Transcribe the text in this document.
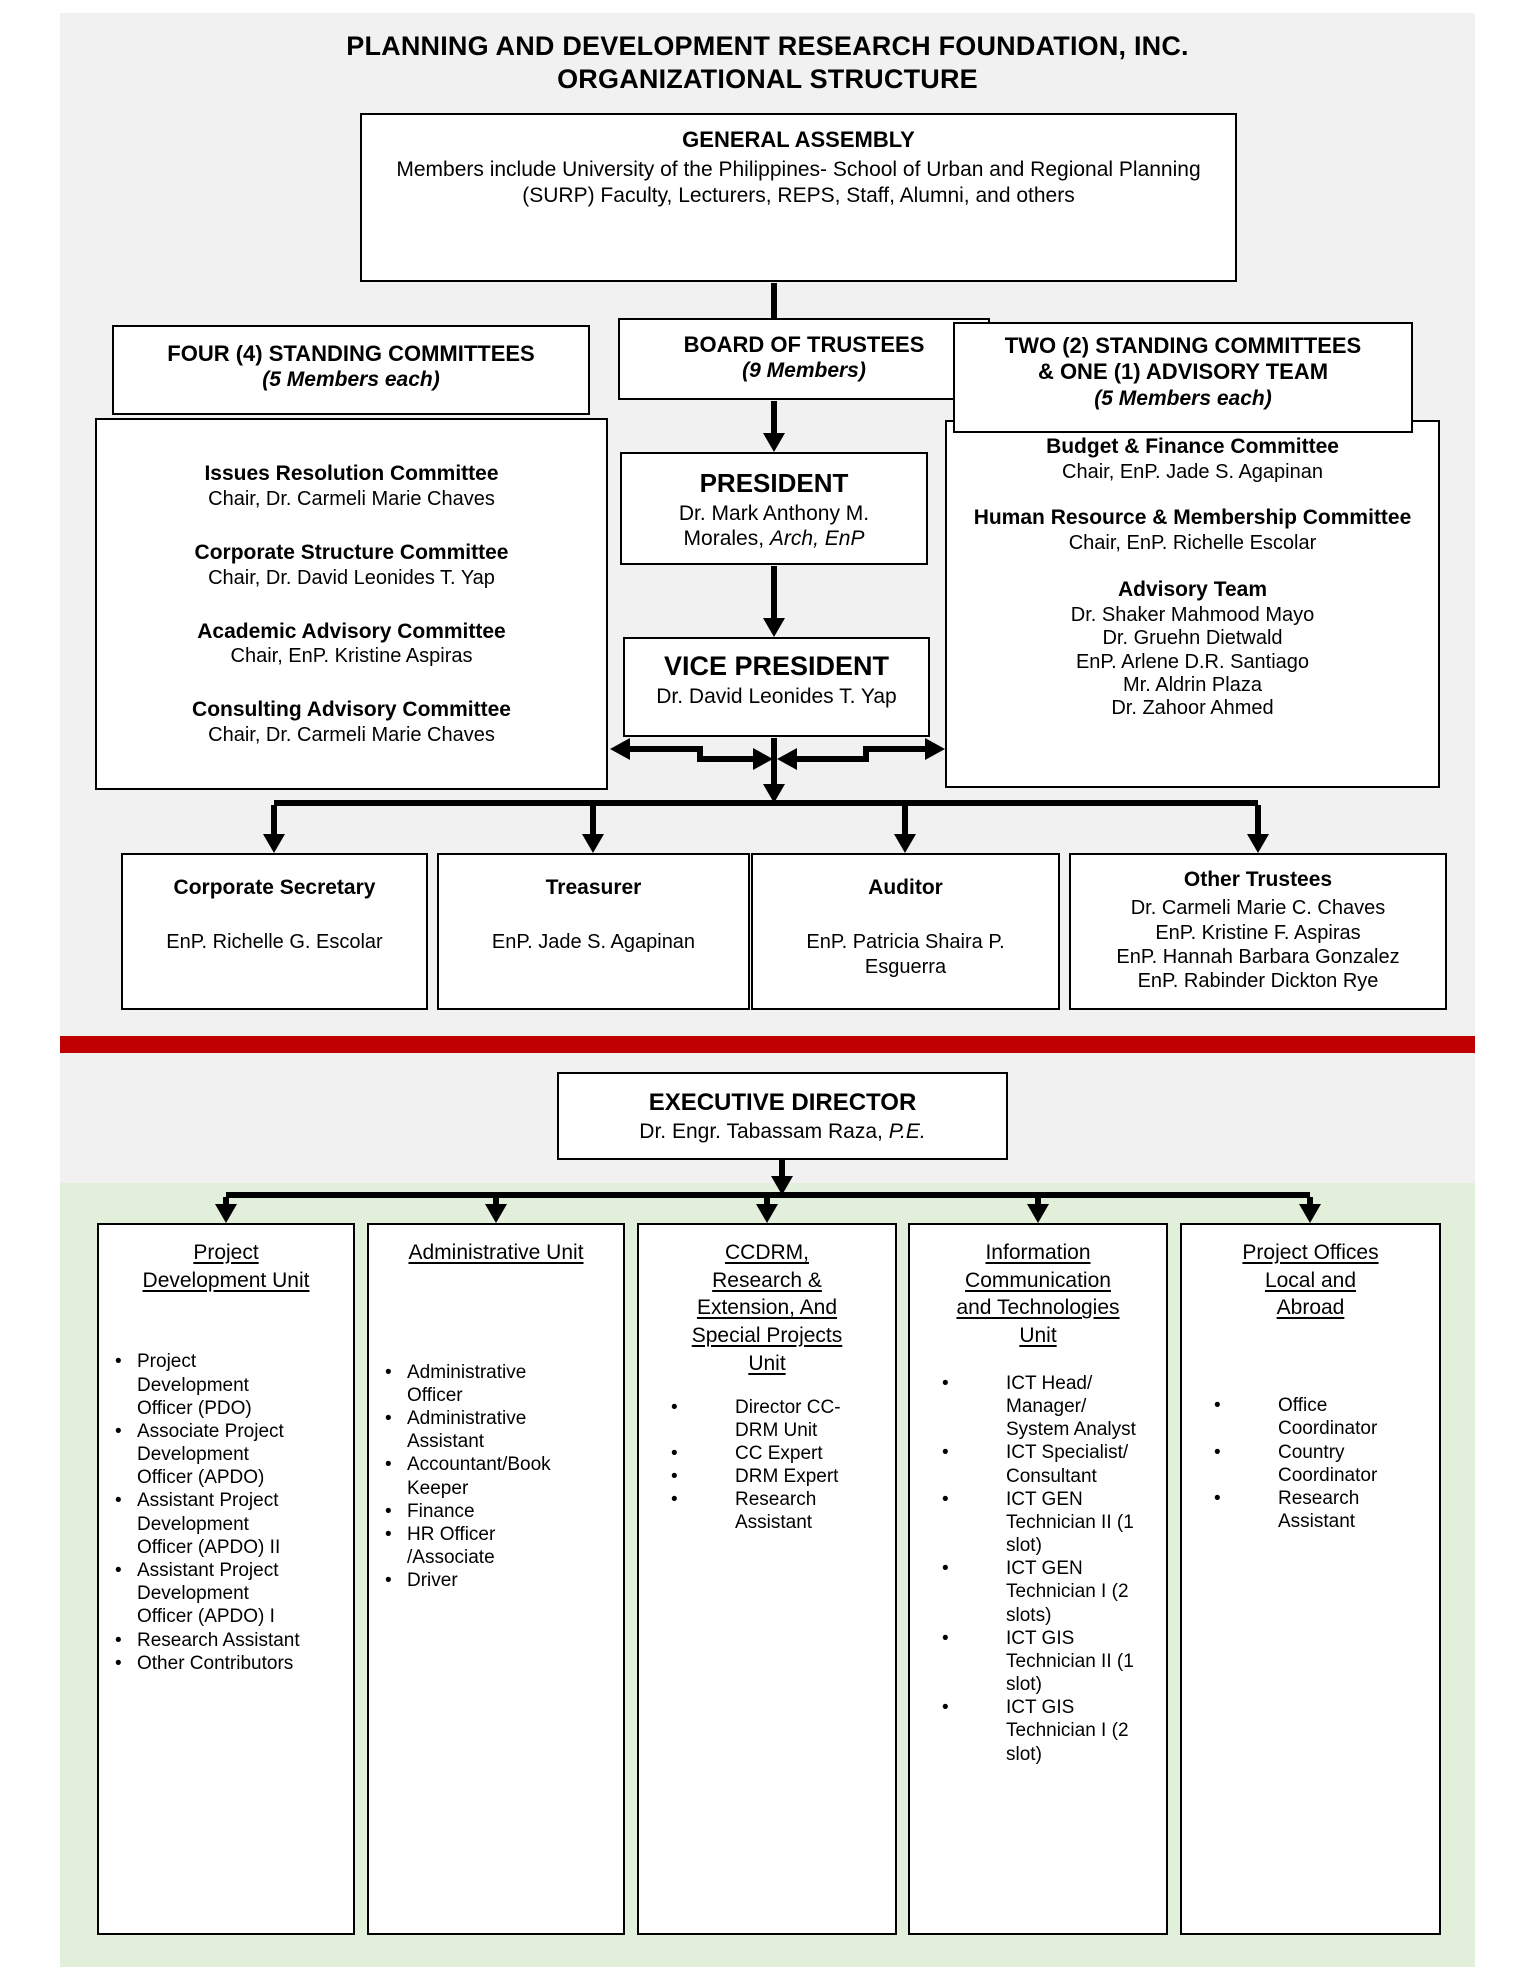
PLANNING AND DEVELOPMENT RESEARCH FOUNDATION, INC.
ORGANIZATIONAL STRUCTURE
GENERAL ASSEMBLY
Members include University of the Philippines- School of Urban and Regional Planning (SURP) Faculty, Lecturers, REPS, Staff, Alumni, and others
Issues Resolution Committee
Chair, Dr. Carmeli Marie Chaves
Corporate Structure Committee
Chair, Dr. David Leonides T. Yap
Academic Advisory Committee
Chair, EnP. Kristine Aspiras
Consulting Advisory Committee
Chair, Dr. Carmeli Marie Chaves
Budget & Finance Committee
Chair, EnP. Jade S. Agapinan
Human Resource & Membership Committee
Chair, EnP. Richelle Escolar
Advisory Team
Dr. Shaker Mahmood Mayo
Dr. Gruehn Dietwald
EnP. Arlene D.R. Santiago
Mr. Aldrin Plaza
Dr. Zahoor Ahmed
FOUR (4) STANDING COMMITTEES
(5 Members each)
BOARD OF TRUSTEES
(9 Members)
TWO (2) STANDING COMMITTEES
& ONE (1) ADVISORY TEAM
(5 Members each)
PRESIDENT
Dr. Mark Anthony M.
Morales, Arch, EnP
VICE PRESIDENT
Dr. David Leonides T. Yap
Corporate Secretary
EnP. Richelle G. Escolar
Treasurer
EnP. Jade S. Agapinan
Auditor
EnP. Patricia Shaira P. Esguerra
Other Trustees
Dr. Carmeli Marie C. Chaves
EnP. Kristine F. Aspiras
EnP. Hannah Barbara Gonzalez
EnP. Rabinder Dickton Rye
EXECUTIVE DIRECTOR
Dr. Engr. Tabassam Raza, P.E.
Project
Development Unit
• Project Development Officer (PDO)
• Associate Project Development Officer (APDO)
• Assistant Project Development Officer (APDO) II
• Assistant Project Development Officer (APDO) I
• Research Assistant
• Other Contributors
Administrative Unit
• Administrative Officer
• Administrative Assistant
• Accountant/Book Keeper
• Finance
• HR Officer /Associate
• Driver
CCDRM,
Research &
Extension, And
Special Projects
Unit
• Director CC-DRM Unit
• CC Expert
• DRM Expert
• Research Assistant
Information
Communication
and Technologies
Unit
• ICT Head/ Manager/ System Analyst
• ICT Specialist/ Consultant
• ICT GEN Technician II (1 slot)
• ICT GEN Technician I (2 slots)
• ICT GIS Technician II (1 slot)
• ICT GIS Technician I (2 slot)
Project Offices
Local and
Abroad
• Office Coordinator
• Country Coordinator
• Research Assistant
